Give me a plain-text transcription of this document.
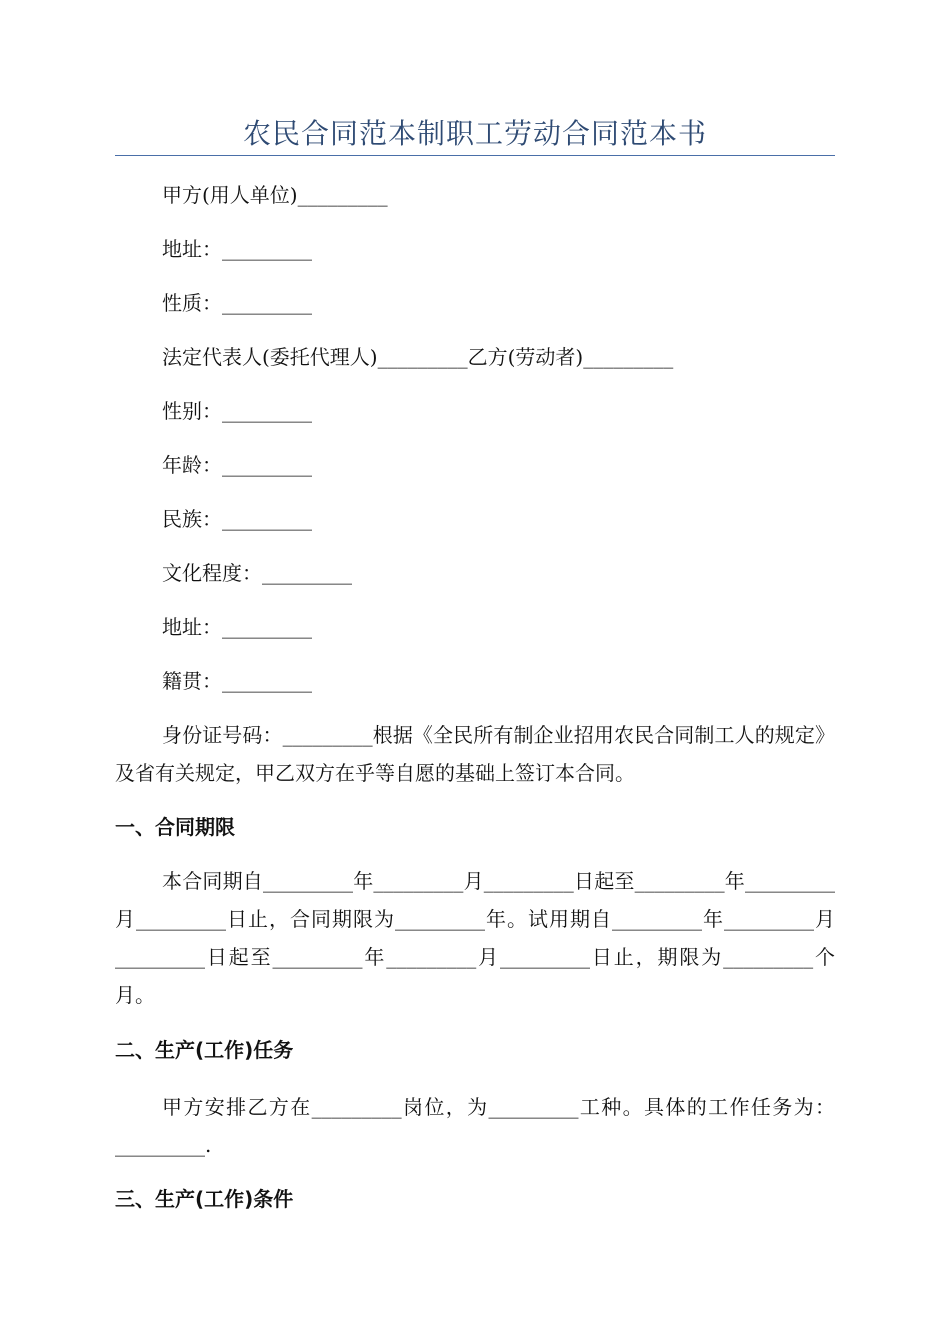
农民合同范本制职工劳动合同范本书
甲方(用人单位)_________
地址：_________
性质：_________
法定代表人(委托代理人)_________乙方(劳动者)_________
性别：_________
年龄：_________
民族：_________
文化程度：_________
地址：_________
籍贯：_________
身份证号码：_________根据《全民所有制企业招用农民合同制工人的规定》及省有关规定，甲乙双方在乎等自愿的基础上签订本合同。
一、合同期限
本合同期自_________年_________月_________日起至_________年_________月_________日止，合同期限为_________年。试用期自_________年_________月_________日起至_________年_________月_________日止，期限为_________个月。
二、生产(工作)任务
甲方安排乙方在_________岗位，为_________工种。具体的工作任务为：_________.
三、生产(工作)条件
